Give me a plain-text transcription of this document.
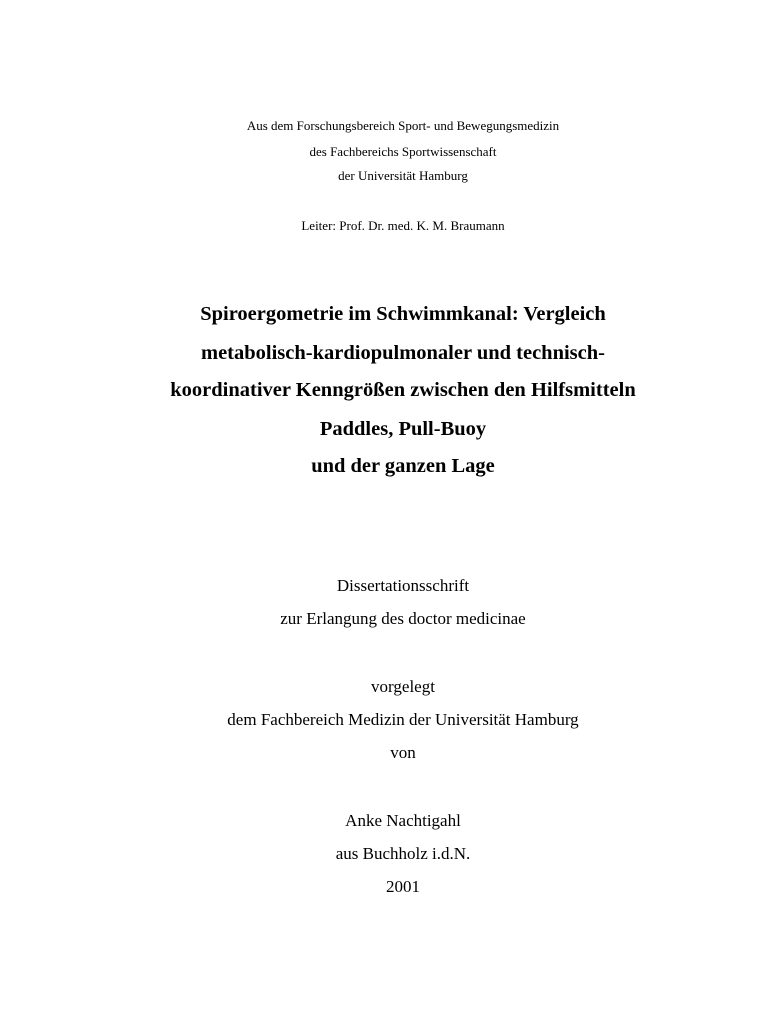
Aus dem Forschungsbereich Sport- und Bewegungsmedizin
des Fachbereichs Sportwissenschaft
der Universität Hamburg
Leiter: Prof. Dr. med. K. M. Braumann
Spiroergometrie im Schwimmkanal: Vergleich
metabolisch-kardiopulmonaler und technisch-
koordinativer Kenngrößen zwischen den Hilfsmitteln
Paddles, Pull-Buoy
und der ganzen Lage
Dissertationsschrift
zur Erlangung des doctor medicinae
vorgelegt
dem Fachbereich Medizin der Universität Hamburg
von
Anke Nachtigahl
aus Buchholz i.d.N.
2001
